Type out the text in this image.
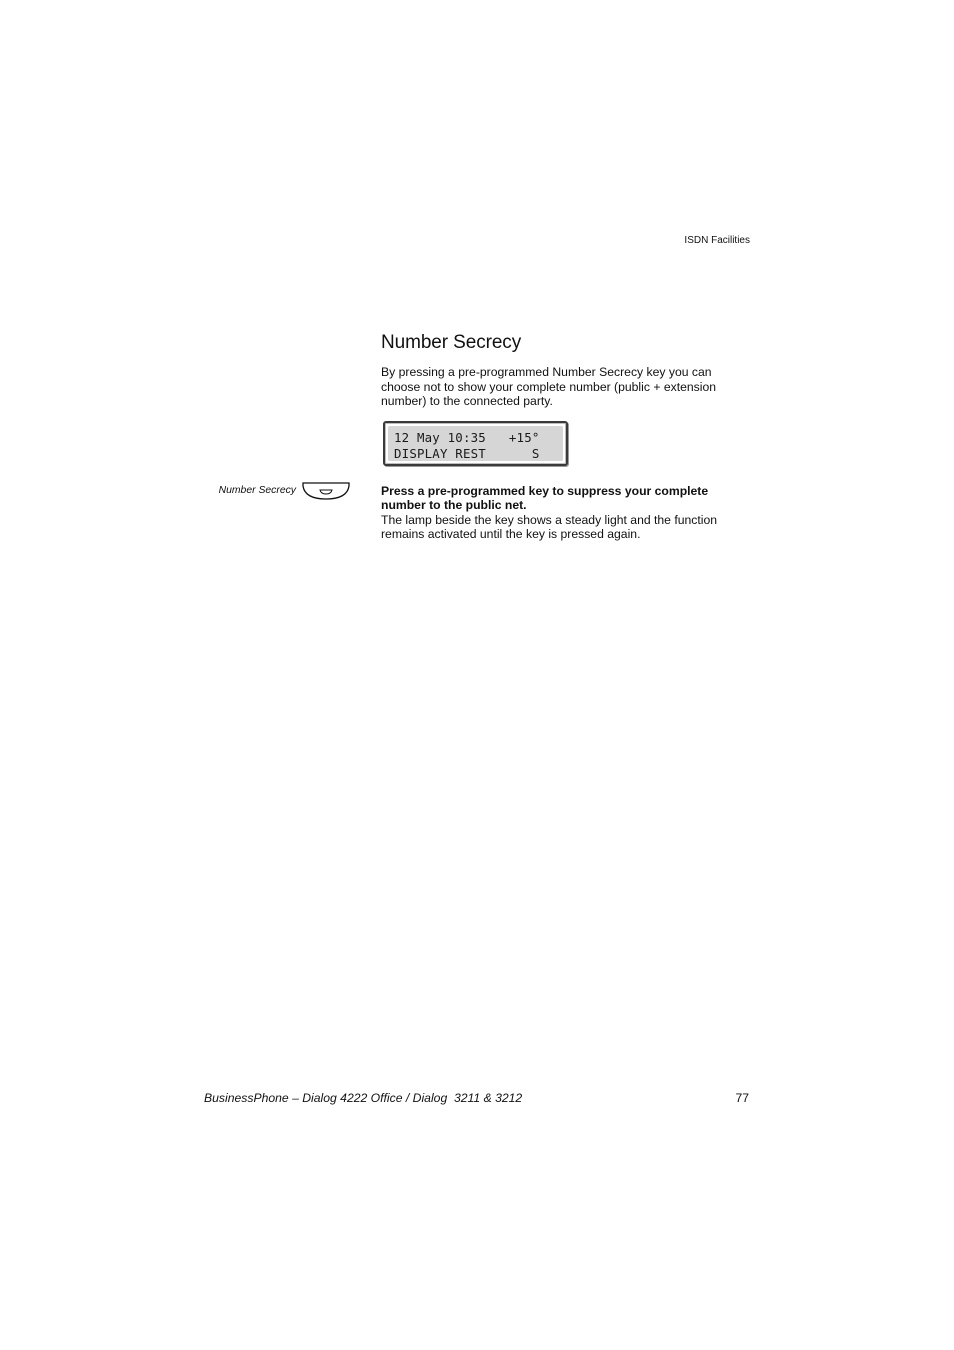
ISDN Facilities
Number Secrecy

By pressing a pre-programmed Number Secrecy key you can choose not to show your complete number (public + extension number) to the connected party.

12 May 10:35   +15°
DISPLAY REST      S
Number Secrecy	Press a pre-programmed key to suppress your complete number to the public net.

The lamp beside the key shows a steady light and the function remains activated until the key is pressed again.

BusinessPhone – Dialog 4222 Office / Dialog  3211 & 3212	77
